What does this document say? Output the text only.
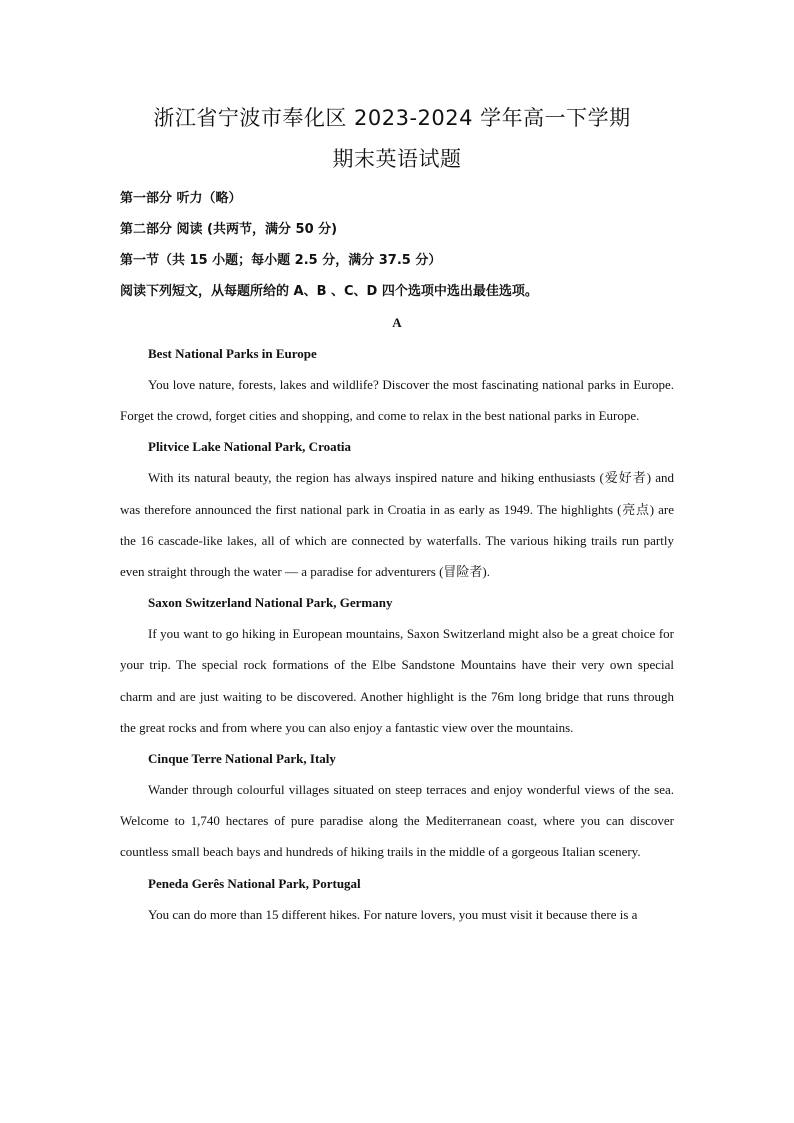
浙江省宁波市奉化区 2023-2024 学年高一下学期
期末英语试题

第一部分 听力（略）

第二部分 阅读 (共两节，满分 50 分)

第一节（共 15 小题；每小题 2.5 分，满分 37.5 分）

阅读下列短文，从每题所给的 A、B 、C、D 四个选项中选出最佳选项。

A

Best National Parks in Europe

You love nature, forests, lakes and wildlife? Discover the most fascinating national parks in Europe. Forget the crowd, forget cities and shopping, and come to relax in the best national parks in Europe.

Plitvice Lake National Park, Croatia

With its natural beauty, the region has always inspired nature and hiking enthusiasts (爱好者) and was therefore announced the first national park in Croatia in as early as 1949. The highlights (亮点) are the 16 cascade-like lakes, all of which are connected by waterfalls. The various hiking trails run partly even straight through the water — a paradise for adventurers (冒险者).

Saxon Switzerland National Park, Germany

If you want to go hiking in European mountains, Saxon Switzerland might also be a great choice for your trip. The special rock formations of the Elbe Sandstone Mountains have their very own special charm and are just waiting to be discovered. Another highlight is the 76m long bridge that runs through the great rocks and from where you can also enjoy a fantastic view over the mountains.

Cinque Terre National Park, Italy

Wander through colourful villages situated on steep terraces and enjoy wonderful views of the sea. Welcome to 1,740 hectares of pure paradise along the Mediterranean coast, where you can discover countless small beach bays and hundreds of hiking trails in the middle of a gorgeous Italian scenery.

Peneda Gerês National Park, Portugal

You can do more than 15 different hikes. For nature lovers, you must visit it because there is a
